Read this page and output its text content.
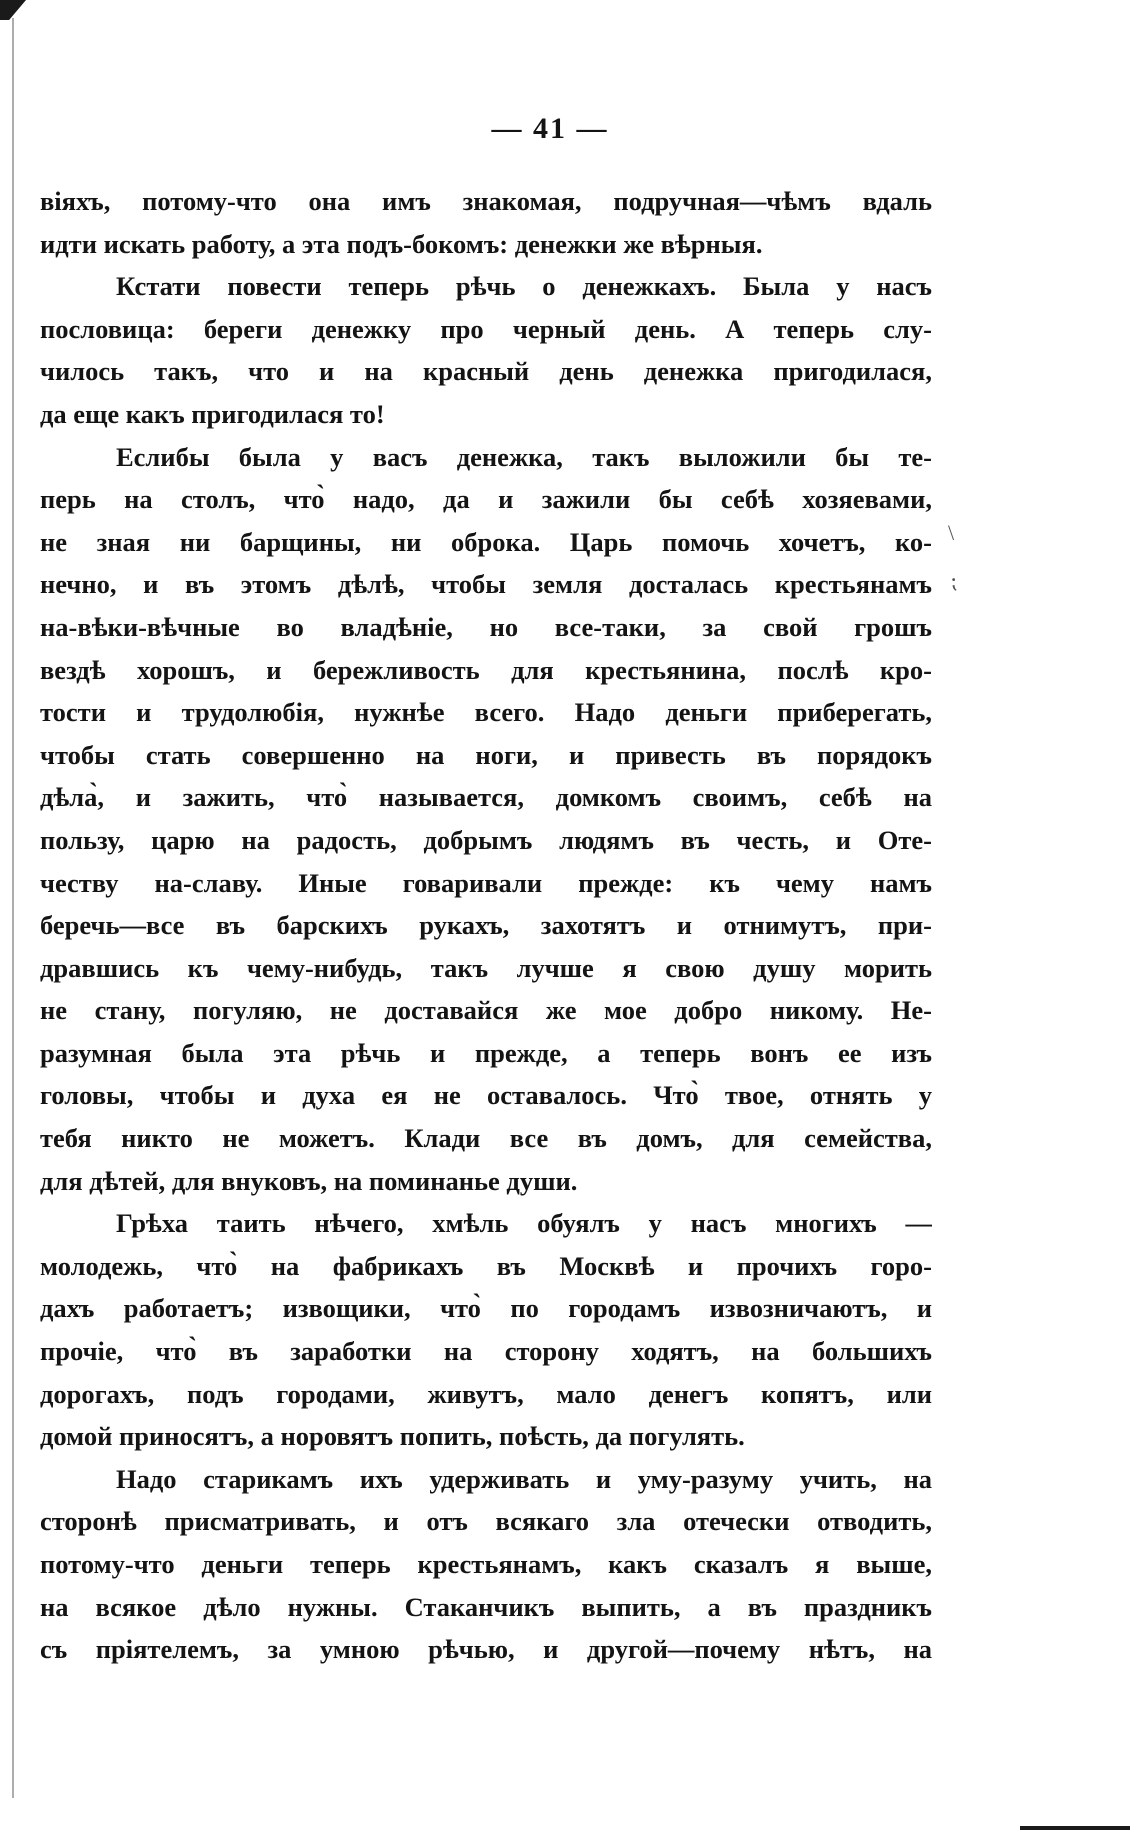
— 41 —
віяхъ, потому-что она имъ знакомая, подручная—чѣмъ вдаль
идти искать работу, а эта подъ-бокомъ: денежки же вѣрныя.
Кстати повести теперь рѣчь о денежкахъ. Была у насъ
пословица: береги денежку про черный день. А теперь слу-
чилось такъ, что и на красный день денежка пригодилася,
да еще какъ пригодилася то!
Еслибы была у васъ денежка, такъ выложили бы те-
перь на столъ, что̀ надо, да и зажили бы себѣ хозяевами,
не зная ни барщины, ни оброка. Царь помочь хочетъ, ко-
нечно, и въ этомъ дѣлѣ, чтобы земля досталась крестьянамъ
на-вѣки-вѣчные во владѣніе, но все-таки, за свой грошъ
вездѣ хорошъ, и бережливость для крестьянина, послѣ кро-
тости и трудолюбія, нужнѣе всего. Надо деньги приберегать,
чтобы стать совершенно на ноги, и привесть въ порядокъ
дѣла̀, и зажить, что̀ называется, домкомъ своимъ, себѣ на
пользу, царю на радость, добрымъ людямъ въ честь, и Оте-
честву на-славу. Иные говаривали прежде: къ чему намъ
беречь—все въ барскихъ рукахъ, захотятъ и отнимутъ, при-
дравшись къ чему-нибудь, такъ лучше я свою душу морить
не стану, погуляю, не доставайся же мое добро никому. Не-
разумная была эта рѣчь и прежде, а теперь вонъ ее изъ
головы, чтобы и духа ея не оставалось. Что̀ твое, отнять у
тебя никто не можетъ. Клади все въ домъ, для семейства,
для дѣтей, для внуковъ, на поминанье души.
Грѣха таить нѣчего, хмѣль обуялъ у насъ многихъ —
молодежь, что̀ на фабрикахъ въ Москвѣ и прочихъ горо-
дахъ работаетъ; извощики, что̀ по городамъ извозничаютъ, и
прочіе, что̀ въ заработки на сторону ходятъ, на большихъ
дорогахъ, подъ городами, живутъ, мало денегъ копятъ, или
домой приносятъ, а норовятъ попить, поѣсть, да погулять.
Надо старикамъ ихъ удерживать и уму-разуму учить, на
сторонѣ присматривать, и отъ всякаго зла отечески отводить,
потому-что деньги теперь крестьянамъ, какъ сказалъ я выше,
на всякое дѣло нужны. Стаканчикъ выпить, а въ праздникъ
съ пріятелемъ, за умною рѣчью, и другой—почему нѣтъ, на
\
⁏
